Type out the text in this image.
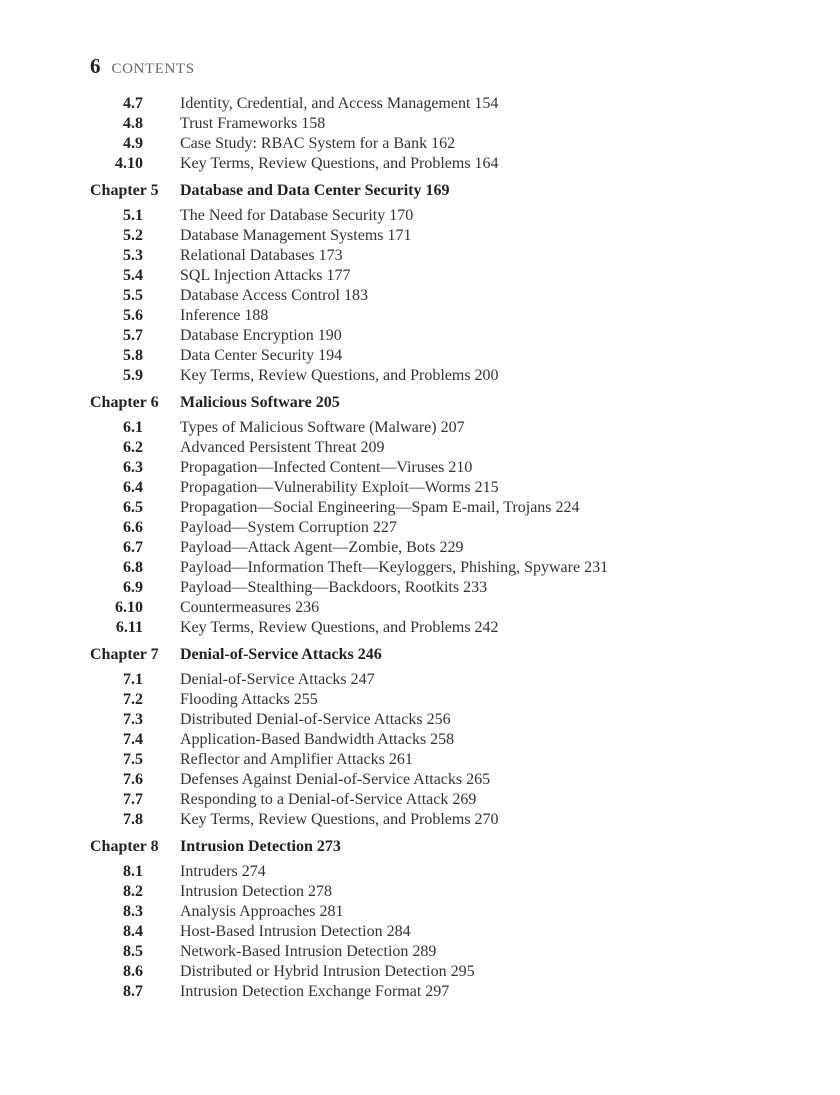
6 CONTENTS
4.7 Identity, Credential, and Access Management 154
4.8 Trust Frameworks 158
4.9 Case Study: RBAC System for a Bank 162
4.10 Key Terms, Review Questions, and Problems 164
Chapter 5 Database and Data Center Security 169
5.1 The Need for Database Security 170
5.2 Database Management Systems 171
5.3 Relational Databases 173
5.4 SQL Injection Attacks 177
5.5 Database Access Control 183
5.6 Inference 188
5.7 Database Encryption 190
5.8 Data Center Security 194
5.9 Key Terms, Review Questions, and Problems 200
Chapter 6 Malicious Software 205
6.1 Types of Malicious Software (Malware) 207
6.2 Advanced Persistent Threat 209
6.3 Propagation—Infected Content—Viruses 210
6.4 Propagation—Vulnerability Exploit—Worms 215
6.5 Propagation—Social Engineering—Spam E-mail, Trojans 224
6.6 Payload—System Corruption 227
6.7 Payload—Attack Agent—Zombie, Bots 229
6.8 Payload—Information Theft—Keyloggers, Phishing, Spyware 231
6.9 Payload—Stealthing—Backdoors, Rootkits 233
6.10 Countermeasures 236
6.11 Key Terms, Review Questions, and Problems 242
Chapter 7 Denial-of-Service Attacks 246
7.1 Denial-of-Service Attacks 247
7.2 Flooding Attacks 255
7.3 Distributed Denial-of-Service Attacks 256
7.4 Application-Based Bandwidth Attacks 258
7.5 Reflector and Amplifier Attacks 261
7.6 Defenses Against Denial-of-Service Attacks 265
7.7 Responding to a Denial-of-Service Attack 269
7.8 Key Terms, Review Questions, and Problems 270
Chapter 8 Intrusion Detection 273
8.1 Intruders 274
8.2 Intrusion Detection 278
8.3 Analysis Approaches 281
8.4 Host-Based Intrusion Detection 284
8.5 Network-Based Intrusion Detection 289
8.6 Distributed or Hybrid Intrusion Detection 295
8.7 Intrusion Detection Exchange Format 297
